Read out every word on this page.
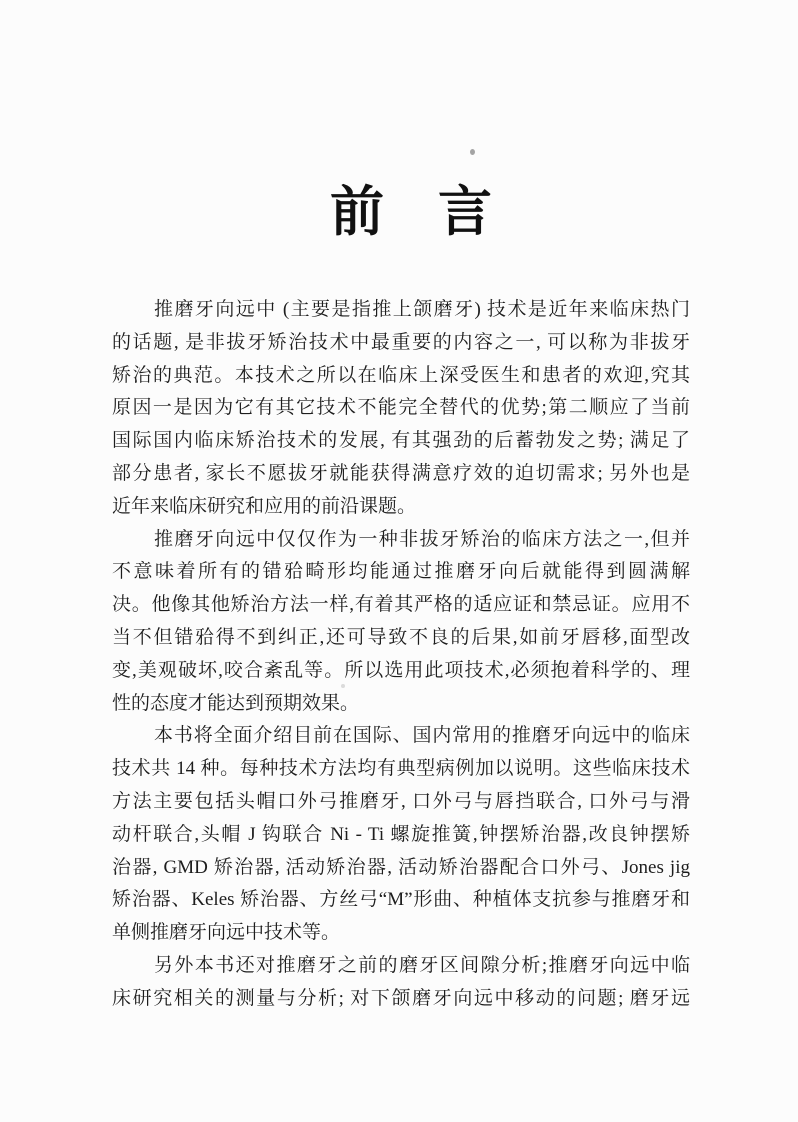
前言
推磨牙向远中 (主要是指推上颌磨牙) 技术是近年来临床热门
的话题, 是非拔牙矫治技术中最重要的内容之一, 可以称为非拔牙
矫治的典范。本技术之所以在临床上深受医生和患者的欢迎,究其
原因一是因为它有其它技术不能完全替代的优势;第二顺应了当前
国际国内临床矫治技术的发展, 有其强劲的后蓄勃发之势; 满足了
部分患者, 家长不愿拔牙就能获得满意疗效的迫切需求; 另外也是
近年来临床研究和应用的前沿课题。
推磨牙向远中仅仅作为一种非拔牙矫治的临床方法之一,但并
不意味着所有的错𬌗畸形均能通过推磨牙向后就能得到圆满解
决。他像其他矫治方法一样,有着其严格的适应证和禁忌证。应用不
当不但错𬌗得不到纠正,还可导致不良的后果,如前牙唇移,面型改
变,美观破坏,咬合紊乱等。所以选用此项技术,必须抱着科学的、理
性的态度才能达到预期效果。
本书将全面介绍目前在国际、国内常用的推磨牙向远中的临床
技术共 14 种。每种技术方法均有典型病例加以说明。这些临床技术
方法主要包括头帽口外弓推磨牙, 口外弓与唇挡联合, 口外弓与滑
动杆联合,头帽 J 钩联合 Ni - Ti 螺旋推簧,钟摆矫治器,改良钟摆矫
治器, GMD 矫治器, 活动矫治器, 活动矫治器配合口外弓、Jones jig
矫治器、Keles 矫治器、方丝弓“M”形曲、种植体支抗参与推磨牙和
单侧推磨牙向远中技术等。
另外本书还对推磨牙之前的磨牙区间隙分析;推磨牙向远中临
床研究相关的测量与分析; 对下颌磨牙向远中移动的问题; 磨牙远
